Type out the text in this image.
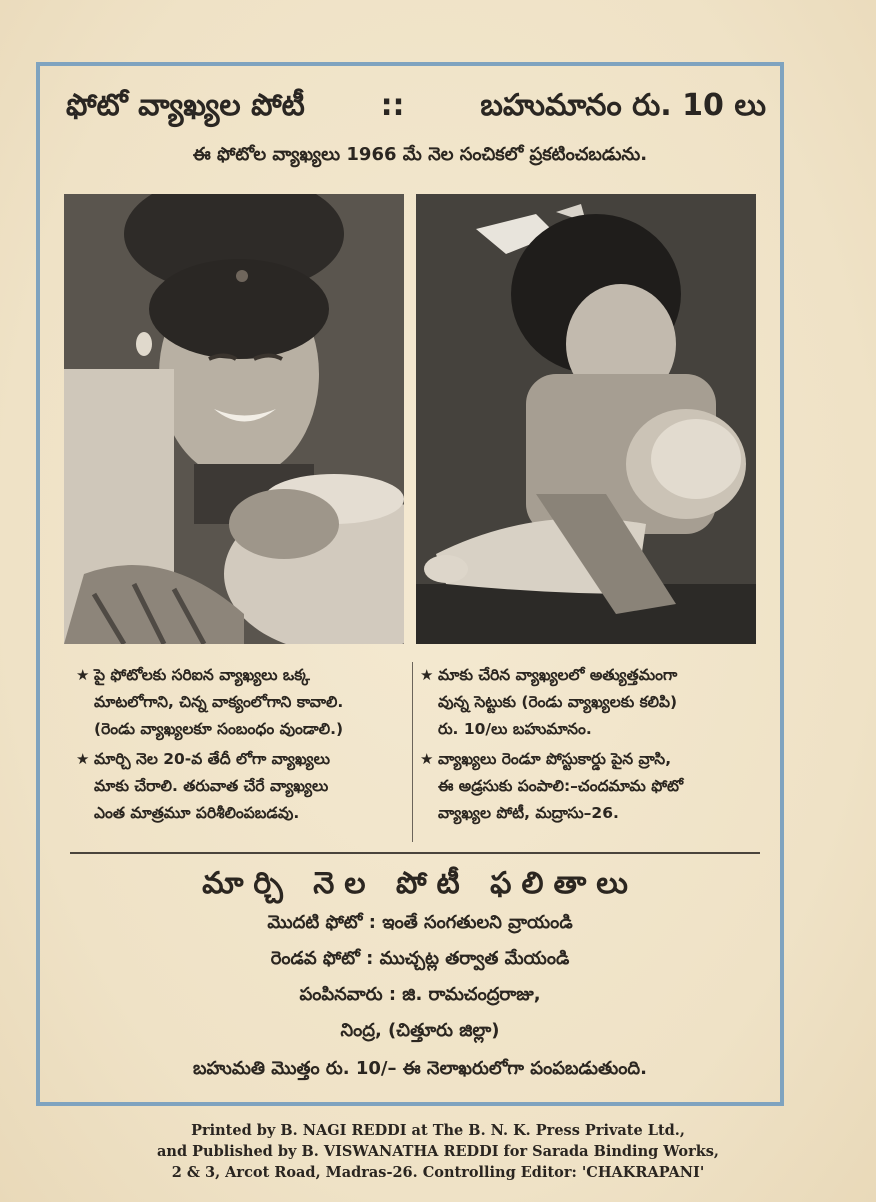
ఫోటో వ్యాఖ్యల పోటీ	::	బహుమానం రు. 10 లు
ఈ ఫోటోల వ్యాఖ్యలు 1966 మే నెల సంచికలో ప్రకటించబడును.
★ పై ఫోటోలకు సరిఐన వ్యాఖ్యలు ఒక్క
మాటలోగాని, చిన్న వాక్యంలోగాని కావాలి.
(రెండు వ్యాఖ్యలకూ సంబంధం వుండాలి.)
★ మార్చి నెల 20-వ తేదీ లోగా వ్యాఖ్యలు
మాకు చేరాలి. తరువాత చేరే వ్యాఖ్యలు
ఎంత మాత్రమూ పరిశీలింపబడవు.
★ మాకు చేరిన వ్యాఖ్యలలో అత్యుత్తమంగా
వున్న సెట్టుకు (రెండు వ్యాఖ్యలకు కలిపి)
రు. 10/లు బహుమానం.
★ వ్యాఖ్యలు రెండూ పోస్టుకార్డు పైన వ్రాసి,
ఈ అడ్రసుకు పంపాలి:–చందమామ ఫోటో
వ్యాఖ్యల పోటీ, మద్రాసు–26.
మార్చి నెల పోటీ ఫలితాలు
మొదటి ఫోటో : ఇంతే సంగతులని వ్రాయండి
రెండవ ఫోటో : ముచ్చట్ల తర్వాత మేయండి
పంపినవారు : జి. రామచంద్రరాజు,
నింద్ర, (చిత్తూరు జిల్లా)
బహుమతి మొత్తం రు. 10/– ఈ నెలాఖరులోగా పంపబడుతుంది.
Printed by B. NAGI REDDI at The B. N. K. Press Private Ltd.,
and Published by B. VISWANATHA REDDI for Sarada Binding Works,
2 & 3, Arcot Road, Madras-26. Controlling Editor: 'CHAKRAPANI'
